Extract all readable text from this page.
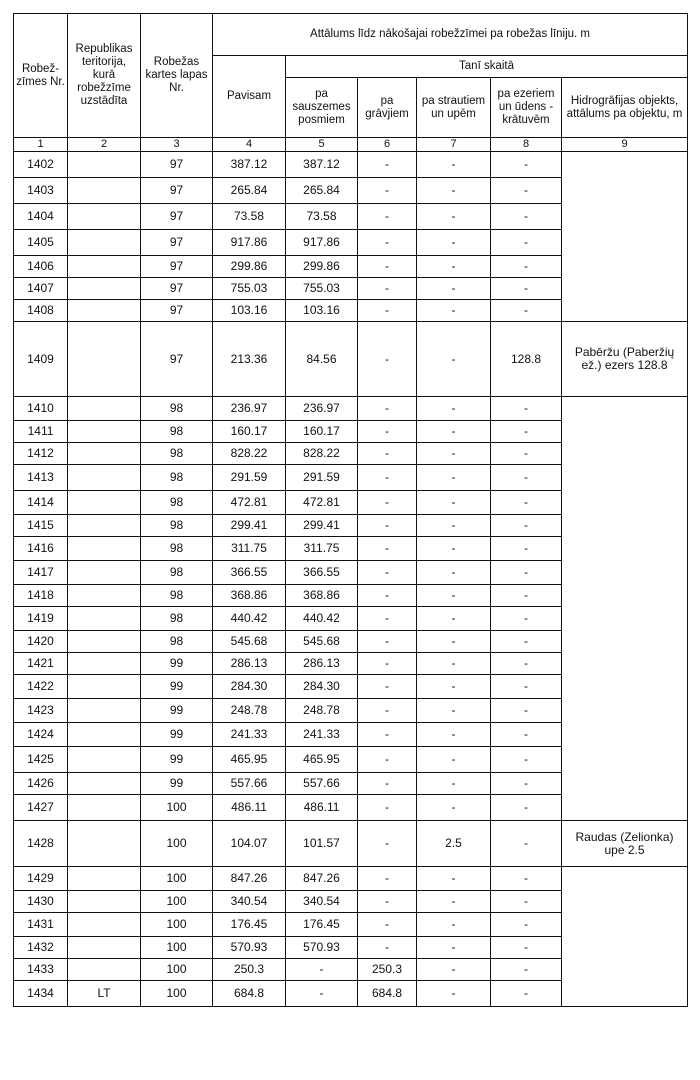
Robež-zīmes Nr.	Republikas teritorija, kurā robežzīme uzstādīta	Robežas kartes lapas Nr.	Attālums līdz nākošajai robežzīmei pa robežas līniju. m					
			Pavisam	Tanī skaitā				
				pa sauszemes posmiem	pa grāvjiem	pa strautiem un upēm	pa ezeriem un ūdens - krātuvēm	Hidrogrāfijas objekts, attālums pa objektu, m
1	2	3	4	5	6	7	8	9
1402		97	387.12	387.12	-	-	-	
1403		97	265.84	265.84	-	-	-	
1404		97	73.58	73.58	-	-	-	
1405		97	917.86	917.86	-	-	-	
1406		97	299.86	299.86	-	-	-	
1407		97	755.03	755.03	-	-	-	
1408		97	103.16	103.16	-	-	-	
1409		97	213.36	84.56	-	-	128.8	Pabēržu (Paberžių ež.) ezers 128.8
1410		98	236.97	236.97	-	-	-	
1411		98	160.17	160.17	-	-	-	
1412		98	828.22	828.22	-	-	-	
1413		98	291.59	291.59	-	-	-	
1414		98	472.81	472.81	-	-	-	
1415		98	299.41	299.41	-	-	-	
1416		98	311.75	311.75	-	-	-	
1417		98	366.55	366.55	-	-	-	
1418		98	368.86	368.86	-	-	-	
1419		98	440.42	440.42	-	-	-	
1420		98	545.68	545.68	-	-	-	
1421		99	286.13	286.13	-	-	-	
1422		99	284.30	284.30	-	-	-	
1423		99	248.78	248.78	-	-	-	
1424		99	241.33	241.33	-	-	-	
1425		99	465.95	465.95	-	-	-	
1426		99	557.66	557.66	-	-	-	
1427		100	486.11	486.11	-	-	-	
1428		100	104.07	101.57	-	2.5	-	Raudas (Zelionka) upe 2.5
1429		100	847.26	847.26	-	-	-	
1430		100	340.54	340.54	-	-	-	
1431		100	176.45	176.45	-	-	-	
1432		100	570.93	570.93	-	-	-	
1433		100	250.3	-	250.3	-	-	
1434	LT	100	684.8	-	684.8	-	-	
